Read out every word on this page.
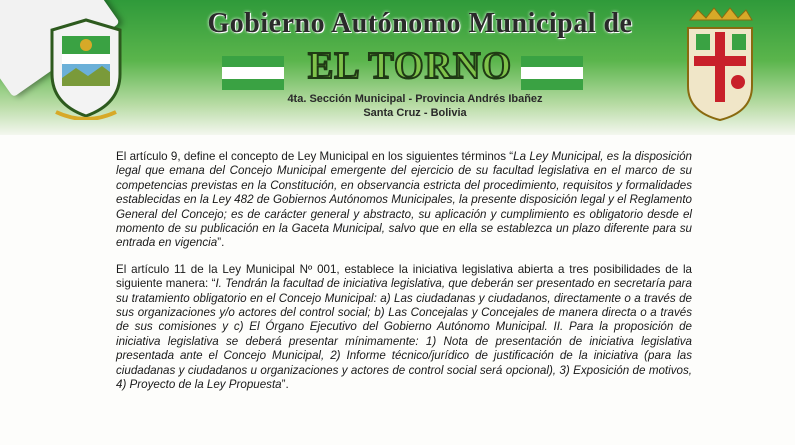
Gobierno Autónomo Municipal de
EL TORNO
4ta. Sección Municipal - Provincia Andrés Ibañez
Santa Cruz - Bolivia

El artículo 9, define el concepto de Ley Municipal en los siguientes términos “La Ley Municipal, es la disposición legal que emana del Concejo Municipal emergente del ejercicio de su facultad legislativa en el marco de su competencias previstas en la Constitución, en observancia estricta del procedimiento, requisitos y formalidades establecidas en la Ley 482 de Gobiernos Autónomos Municipales, la presente disposición legal y el Reglamento General del Concejo; es de carácter general y abstracto, su aplicación y cumplimiento es obligatorio desde el momento de su publicación en la Gaceta Municipal, salvo que en ella se establezca un plazo diferente para su entrada en vigencia”.

El artículo 11 de la Ley Municipal Nº 001, establece la iniciativa legislativa abierta a tres posibilidades de la siguiente manera: “I. Tendrán la facultad de iniciativa legislativa, que deberán ser presentado en secretaría para su tratamiento obligatorio en el Concejo Municipal: a) Las ciudadanas y ciudadanos, directamente o a través de sus organizaciones y/o actores del control social; b) Las Concejalas y Concejales de manera directa o a través de sus comisiones y c) El Órgano Ejecutivo del Gobierno Autónomo Municipal. II. Para la proposición de iniciativa legislativa se deberá presentar mínimamente: 1) Nota de presentación de iniciativa legislativa presentada ante el Concejo Municipal, 2) Informe técnico/jurídico de justificación de la iniciativa (para las ciudadanas y ciudadanos u organizaciones y actores de control social será opcional), 3) Exposición de motivos, 4) Proyecto de la Ley Propuesta”.
